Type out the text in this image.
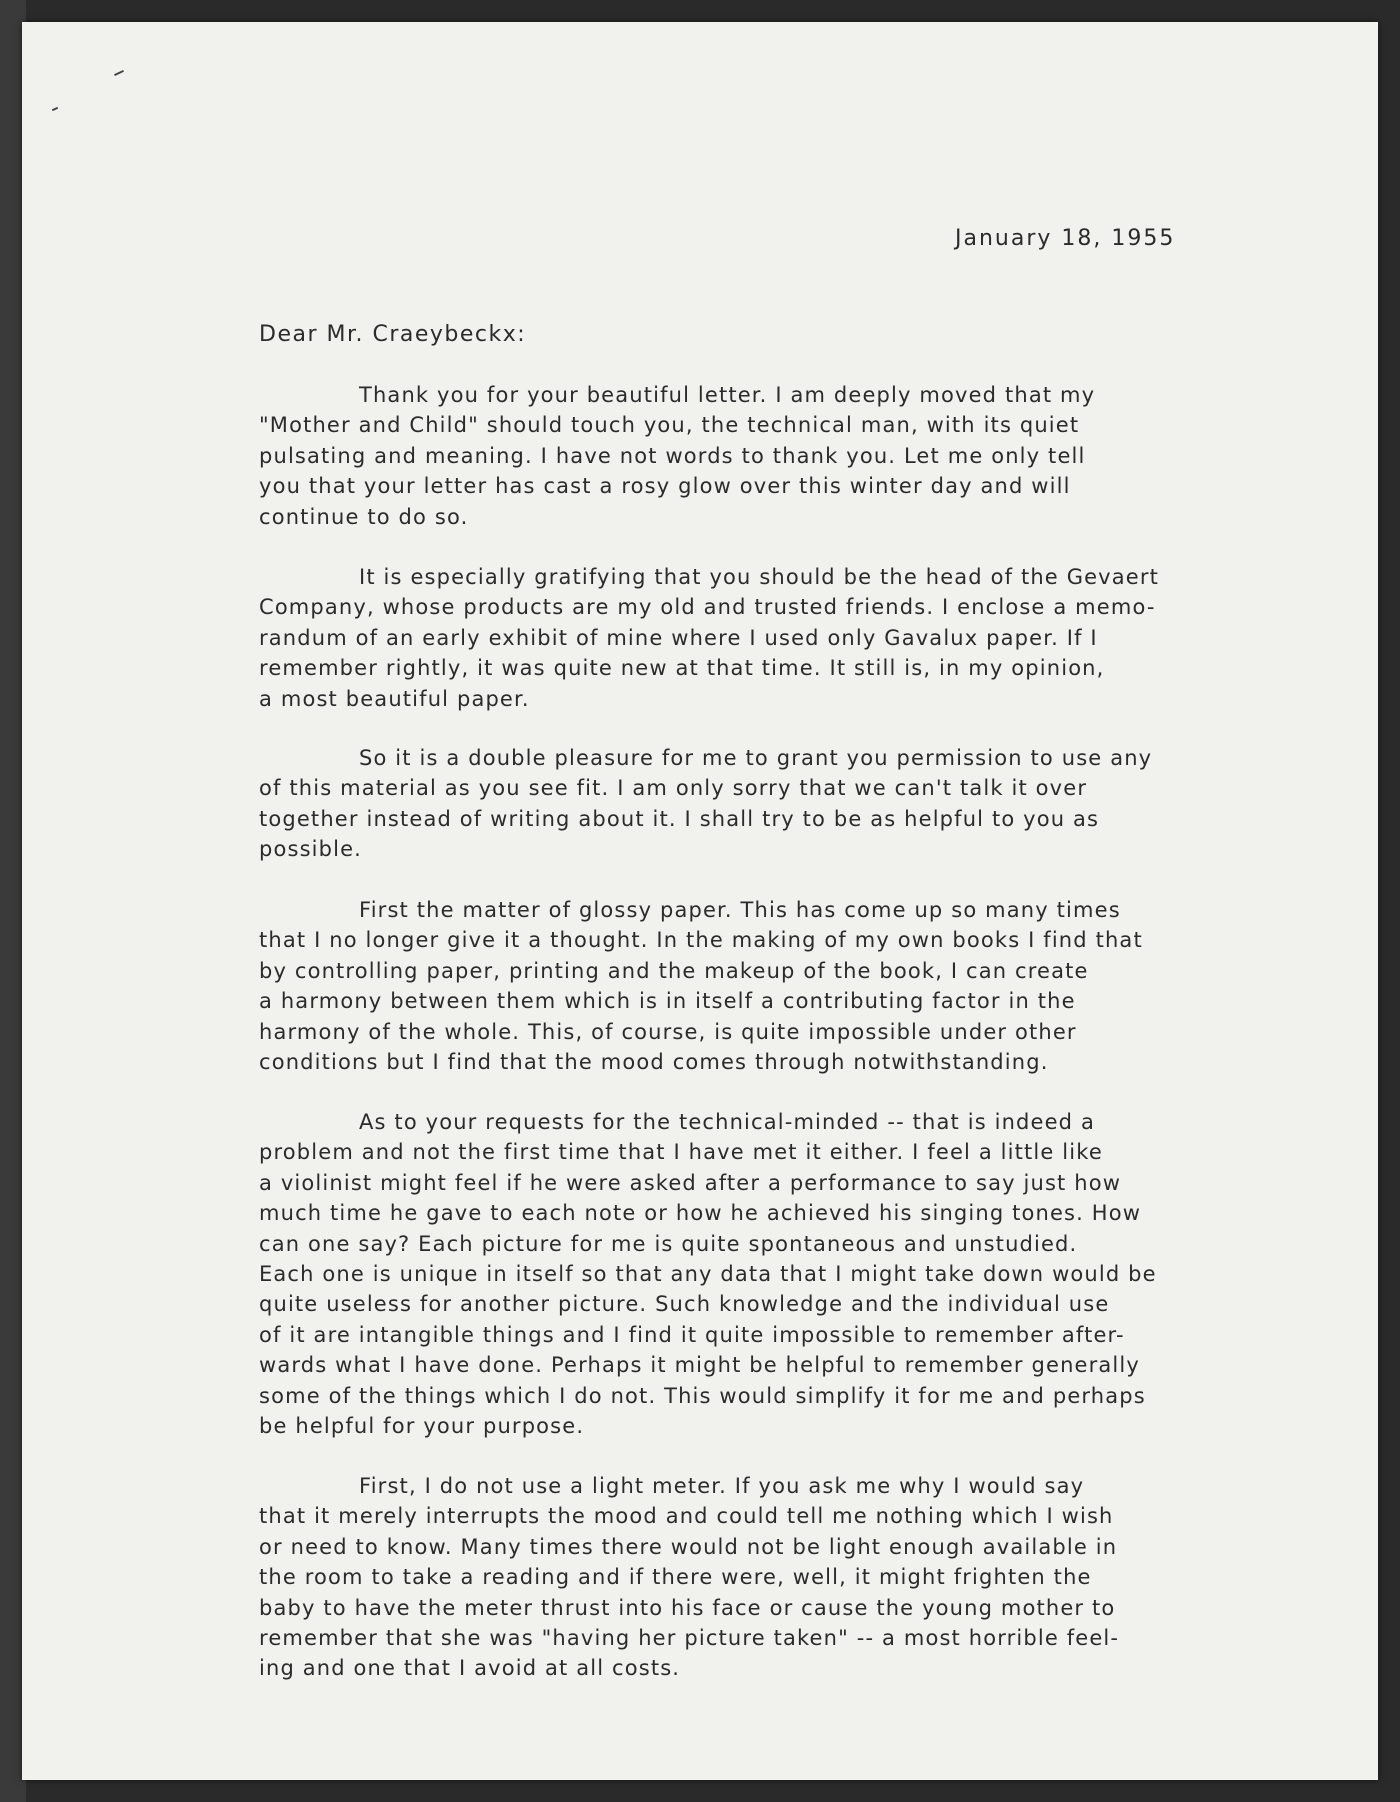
January 18, 1955
Dear Mr. Craeybeckx:
Thank you for your beautiful letter. I am deeply moved that my
"Mother and Child" should touch you, the technical man, with its quiet
pulsating and meaning. I have not words to thank you. Let me only tell
you that your letter has cast a rosy glow over this winter day and will
continue to do so.
It is especially gratifying that you should be the head of the Gevaert
Company, whose products are my old and trusted friends. I enclose a memo-
randum of an early exhibit of mine where I used only Gavalux paper. If I
remember rightly, it was quite new at that time. It still is, in my opinion,
a most beautiful paper.
So it is a double pleasure for me to grant you permission to use any
of this material as you see fit. I am only sorry that we can't talk it over
together instead of writing about it. I shall try to be as helpful to you as
possible.
First the matter of glossy paper. This has come up so many times
that I no longer give it a thought. In the making of my own books I find that
by controlling paper, printing and the makeup of the book, I can create
a harmony between them which is in itself a contributing factor in the
harmony of the whole. This, of course, is quite impossible under other
conditions but I find that the mood comes through notwithstanding.
As to your requests for the technical-minded -- that is indeed a
problem and not the first time that I have met it either. I feel a little like
a violinist might feel if he were asked after a performance to say just how
much time he gave to each note or how he achieved his singing tones. How
can one say? Each picture for me is quite spontaneous and unstudied.
Each one is unique in itself so that any data that I might take down would be
quite useless for another picture. Such knowledge and the individual use
of it are intangible things and I find it quite impossible to remember after-
wards what I have done. Perhaps it might be helpful to remember generally
some of the things which I do not. This would simplify it for me and perhaps
be helpful for your purpose.
First, I do not use a light meter. If you ask me why I would say
that it merely interrupts the mood and could tell me nothing which I wish
or need to know. Many times there would not be light enough available in
the room to take a reading and if there were, well, it might frighten the
baby to have the meter thrust into his face or cause the young mother to
remember that she was "having her picture taken" -- a most horrible feel-
ing and one that I avoid at all costs.
